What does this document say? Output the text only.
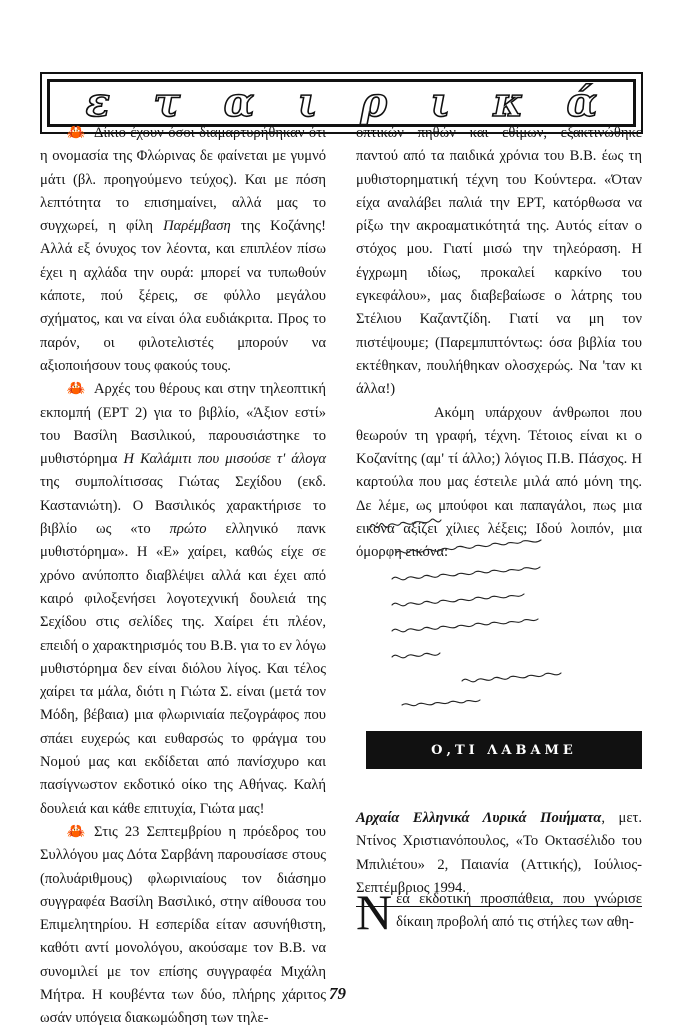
ε τ α ι ρ ι κ ά

🦀 Δίκιο έχουν όσοι διαμαρτυρήθηκαν ότι η ονομασία της Φλώρινας δε φαίνεται με γυμνό μάτι (βλ. προηγούμενο τεύχος). Και με πόση λεπτότητα το επισημαίνει, αλλά μας το συγχωρεί, η φίλη Παρέμβαση της Κοζάνης! Αλλά εξ όνυχος τον λέοντα, και επιπλέον πίσω έχει η αχλάδα την ουρά: μπορεί να τυπωθούν κάποτε, πού ξέρεις, σε φύλλο μεγάλου σχήματος, και να είναι όλα ευδιάκριτα. Προς το παρόν, οι φιλοτελιστές μπορούν να αξιοποιήσουν τους φακούς τους.

🦀 Αρχές του θέρους και στην τηλεοπτική εκπομπή (ΕΡΤ 2) για το βιβλίο, «Άξιον εστί» του Βασίλη Βασιλικού, παρουσιάστηκε το μυθιστόρημα Η Καλάμιτι που μισούσε τ' άλογα της συμπολίτισσας Γιώτας Σεχίδου (εκδ. Καστανιώτη). Ο Βασιλικός χαρακτήρισε το βιβλίο ως «το πρώτο ελληνικό πανκ μυθιστόρημα». Η «Ε» χαίρει, καθώς είχε σε χρόνο ανύποπτο διαβλέψει αλλά και έχει από καιρό φιλοξενήσει λογοτεχνική δουλειά της Σεχίδου στις σελίδες της. Χαίρει έτι πλέον, επειδή ο χαρακτηρισμός του Β.Β. για το εν λόγω μυθιστόρημα δεν είναι διόλου λίγος. Και τέλος χαίρει τα μάλα, διότι η Γιώτα Σ. είναι (μετά τον Μόδη, βέβαια) μια φλωρινιαία πεζογράφος που σπάει ευχερώς και ευθαρσώς το φράγμα του Νομού μας και εκδίδεται από πανίσχυρο και πασίγνωστον εκδοτικό οίκο της Αθήνας. Καλή δουλειά και κάθε επιτυχία, Γιώτα μας!

🦀 Στις 23 Σεπτεμβρίου η πρόεδρος του Συλλόγου μας Δότα Σαρβάνη παρουσίασε στους (πολυάριθμους) φλωρινιαίους τον διάσημο συγγραφέα Βασίλη Βασιλικό, στην αίθουσα του Επιμελητηρίου. Η εσπερίδα είταν ασυνήθιστη, καθότι αντί μονολόγου, ακούσαμε τον Β.Β. να συνομιλεί με τον επίσης συγγραφέα Μιχάλη Μήτρα. Η κουβέντα των δύο, πλήρης χάριτος ωσάν υπόγεια διακωμώδηση των τηλε-

οπτικών πηθών και εθίμων, εξακτινώθηκε παντού από τα παιδικά χρόνια του Β.Β. έως τη μυθιστορηματική τέχνη του Κούντερα. «Όταν είχα αναλάβει παλιά την ΕΡΤ, κατόρθωσα να ρίξω την ακροαματικότητά της. Αυτός είταν ο στόχος μου. Γιατί μισώ την τηλεόραση. Η έγχρωμη ιδίως, προκαλεί καρκίνο του εγκεφάλου», μας διαβεβαίωσε ο λάτρης του Στέλιου Καζαντζίδη. Γιατί να μη τον πιστέψουμε; (Παρεμπιπτόντως: όσα βιβλία του εκτέθηκαν, πουλήθηκαν ολοσχερώς. Να 'ταν κι άλλα!)

Ακόμη υπάρχουν άνθρωποι που θεωρούν τη γραφή, τέχνη. Τέτοιος είναι κι ο Κοζανίτης (αμ' τί άλλο;) λόγιος Π.Β. Πάσχος. Η καρτούλα που μας έστειλε μιλά από μόνη της. Δε λέμε, ως μπούφοι και παπαγάλοι, πως μια εικόνα αξίζει χίλιες λέξεις; Ιδού λοιπόν, μια όμορφη εικόνα:

Ο,ΤΙ ΛΑΒΑΜΕ
Αρχαία Ελληνικά Λυρικά Ποιήματα, μετ. Ντίνος Χριστιανόπουλος, «Το Οκτασέλιδο του Μπιλιέτου» 2, Παιανία (Αττικής), Ιούλιος-Σεπτέμβριος 1994.
Νέα εκδοτική προσπάθεια, που γνώρισε δίκαιη προβολή από τις στήλες των αθη-
79
